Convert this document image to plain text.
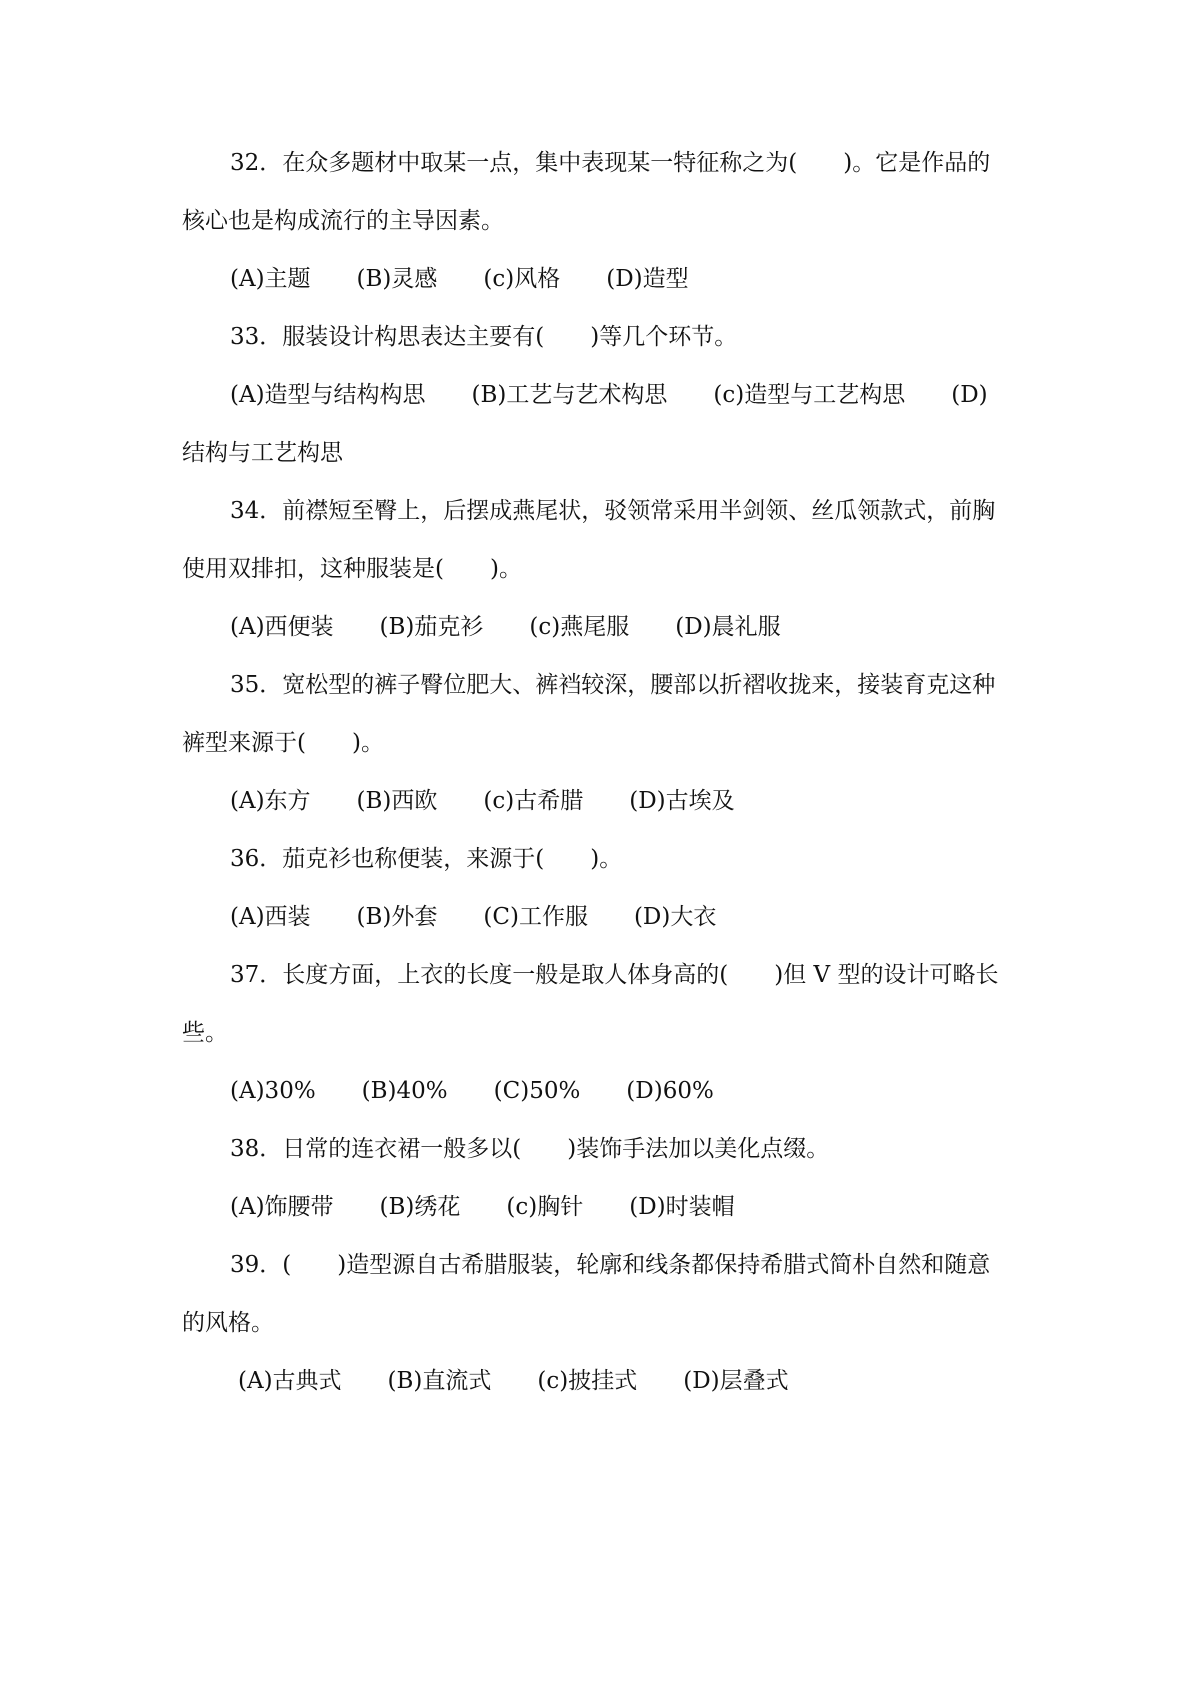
32．在众多题材中取某一点，集中表现某一特征称之为(　　)。它是作品的
核心也是构成流行的主导因素。
(A)主题　　(B)灵感　　(c)风格　　(D)造型
33．服装设计构思表达主要有(　　)等几个环节。
(A)造型与结构构思　　(B)工艺与艺术构思　　(c)造型与工艺构思　　(D)
结构与工艺构思
34．前襟短至臀上，后摆成燕尾状，驳领常采用半剑领、丝瓜领款式，前胸
使用双排扣，这种服装是(　　)。
(A)西便装　　(B)茄克衫　　(c)燕尾服　　(D)晨礼服
35．宽松型的裤子臀位肥大、裤裆较深，腰部以折褶收拢来，接装育克这种
裤型来源于(　　)。
(A)东方　　(B)西欧　　(c)古希腊　　(D)古埃及
36．茄克衫也称便装，来源于(　　)。
(A)西装　　(B)外套　　(C)工作服　　(D)大衣
37．长度方面，上衣的长度一般是取人体身高的(　　)但 V 型的设计可略长
些。
(A)30%　　(B)40%　　(C)50%　　(D)60%
38．日常的连衣裙一般多以(　　)装饰手法加以美化点缀。
(A)饰腰带　　(B)绣花　　(c)胸针　　(D)时装帽
39．(　　)造型源自古希腊服装，轮廓和线条都保持希腊式简朴自然和随意
的风格。
(A)古典式　　(B)直流式　　(c)披挂式　　(D)层叠式
